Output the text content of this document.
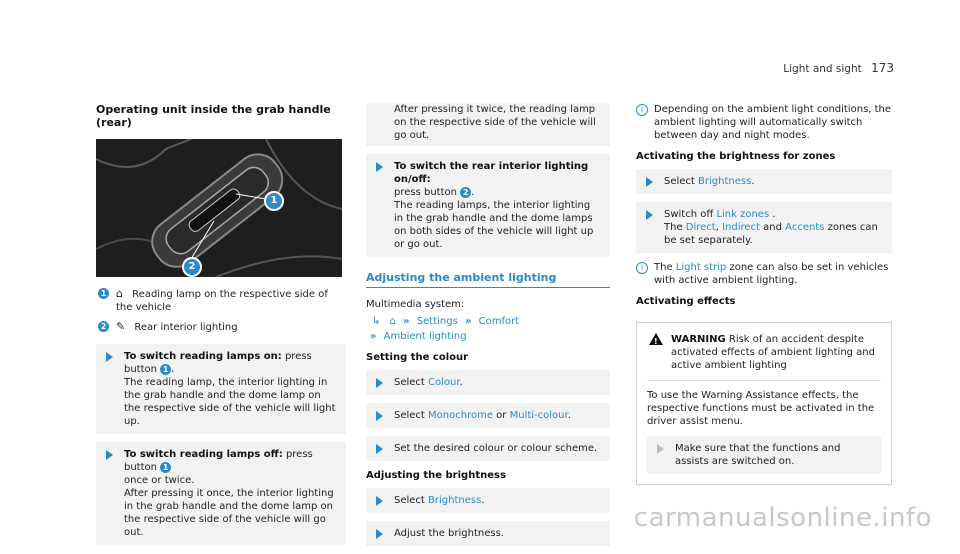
Light and sight 173
Operating unit inside the grab handle (rear)
1
2
1 ⌂ Reading lamp on the respective side of the vehicle
2 ✎ Rear interior lighting
To switch reading lamps on: press button 1 .
The reading lamp, the interior lighting in the grab handle and the dome lamp on the respective side of the vehicle will light up.
To switch reading lamps off: press button 1
once or twice.
After pressing it once, the interior lighting in the grab handle and the dome lamp on the respective side of the vehicle will go out.
After pressing it twice, the reading lamp on the respective side of the vehicle will go out.
To switch the rear interior lighting on/off:
press button 2 .
The reading lamps, the interior lighting in the grab handle and the dome lamps on both sides of the vehicle will light up or go out.
Adjusting the ambient lighting
Multimedia system:
↳ ⌂ » Settings » Comfort
» Ambient lighting
Setting the colour
Select Colour.
Select Monochrome or Multi-colour.
Set the desired colour or colour scheme.
Adjusting the brightness
Select Brightness.
Adjust the brightness.
i	Depending on the ambient light conditions, the ambient lighting will automatically switch between day and night modes.
Activating the brightness for zones
Select Brightness.
Switch off Link zones .
The Direct, Indirect and Accents zones can be set separately.
i	The Light strip zone can also be set in vehicles with active ambient lighting.
Activating effects
! WARNING Risk of an accident despite activated effects of ambient lighting and active ambient lighting
To use the Warning Assistance effects, the respective functions must be activated in the driver assist menu.
Make sure that the functions and assists are switched on.
carmanualsonline.info
